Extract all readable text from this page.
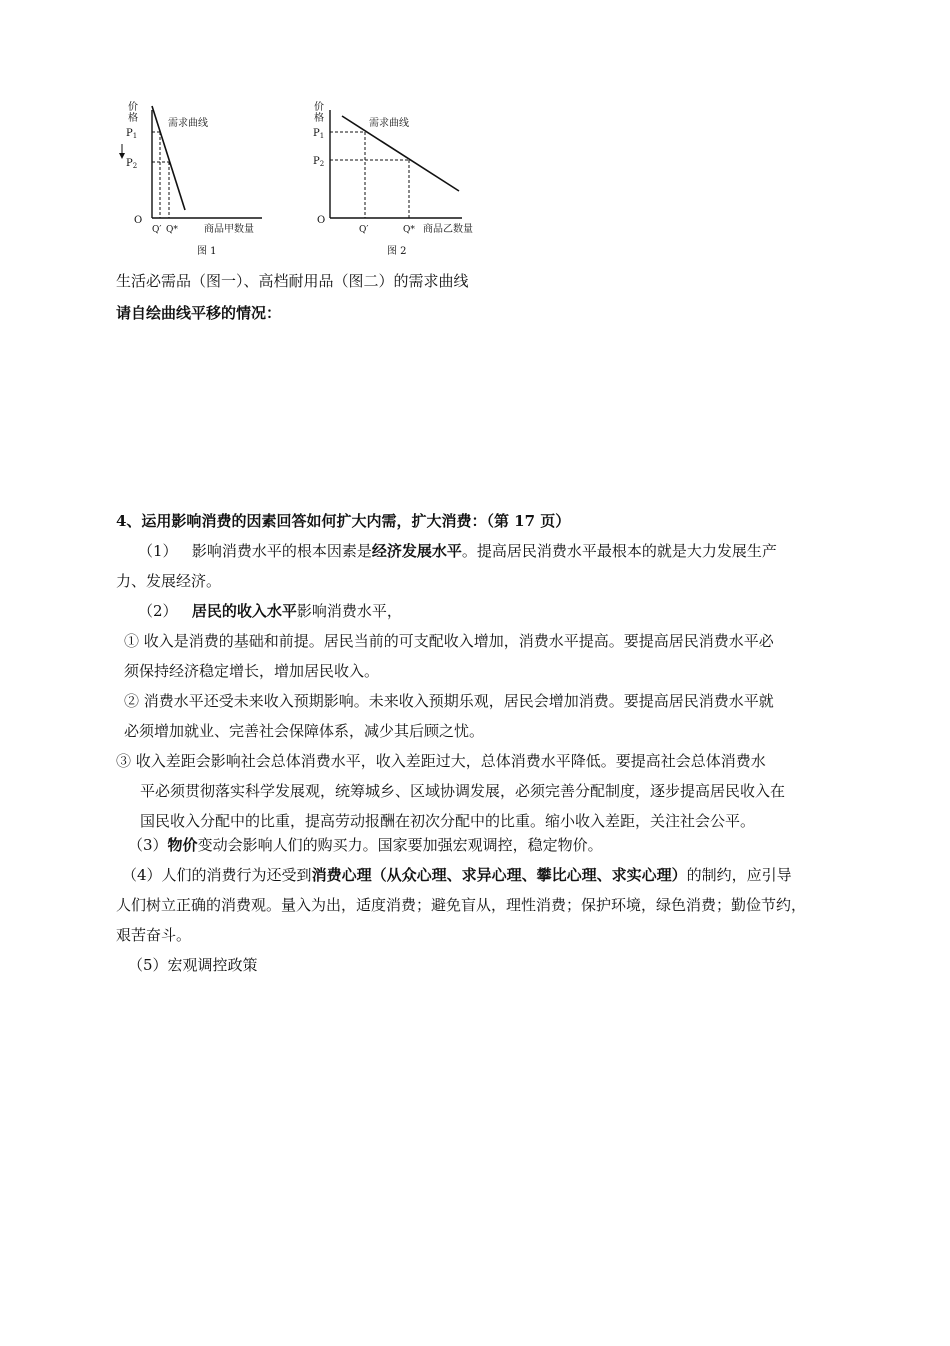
价
格
$P_1$
$P_2$
O
Q′ Q*
需求曲线
商品甲数量
图 1
价
格
$P_1$
$P_2$
O
Q′	Q*
需求曲线
商品乙数量
图 2
生活必需品（图一）、高档耐用品（图二）的需求曲线
请自绘曲线平移的情况：
4、运用影响消费的因素回答如何扩大内需，扩大消费：（第 17 页）
（1） 影响消费水平的根本因素是经济发展水平。提高居民消费水平最根本的就是大力发展生产
力、发展经济。
（2） 居民的收入水平影响消费水平，
① 收入是消费的基础和前提。居民当前的可支配收入增加，消费水平提高。要提高居民消费水平必
须保持经济稳定增长，增加居民收入。
② 消费水平还受未来收入预期影响。未来收入预期乐观，居民会增加消费。要提高居民消费水平就
必须增加就业、完善社会保障体系，减少其后顾之忧。
③ 收入差距会影响社会总体消费水平，收入差距过大，总体消费水平降低。要提高社会总体消费水
平必须贯彻落实科学发展观，统筹城乡、区域协调发展，必须完善分配制度，逐步提高居民收入在
国民收入分配中的比重，提高劳动报酬在初次分配中的比重。缩小收入差距，关注社会公平。
（3）物价变动会影响人们的购买力。国家要加强宏观调控，稳定物价。
（4）人们的消费行为还受到消费心理（从众心理、求异心理、攀比心理、求实心理）的制约，应引导
人们树立正确的消费观。量入为出，适度消费；避免盲从，理性消费；保护环境，绿色消费；勤俭节约，
艰苦奋斗。
（5）宏观调控政策
